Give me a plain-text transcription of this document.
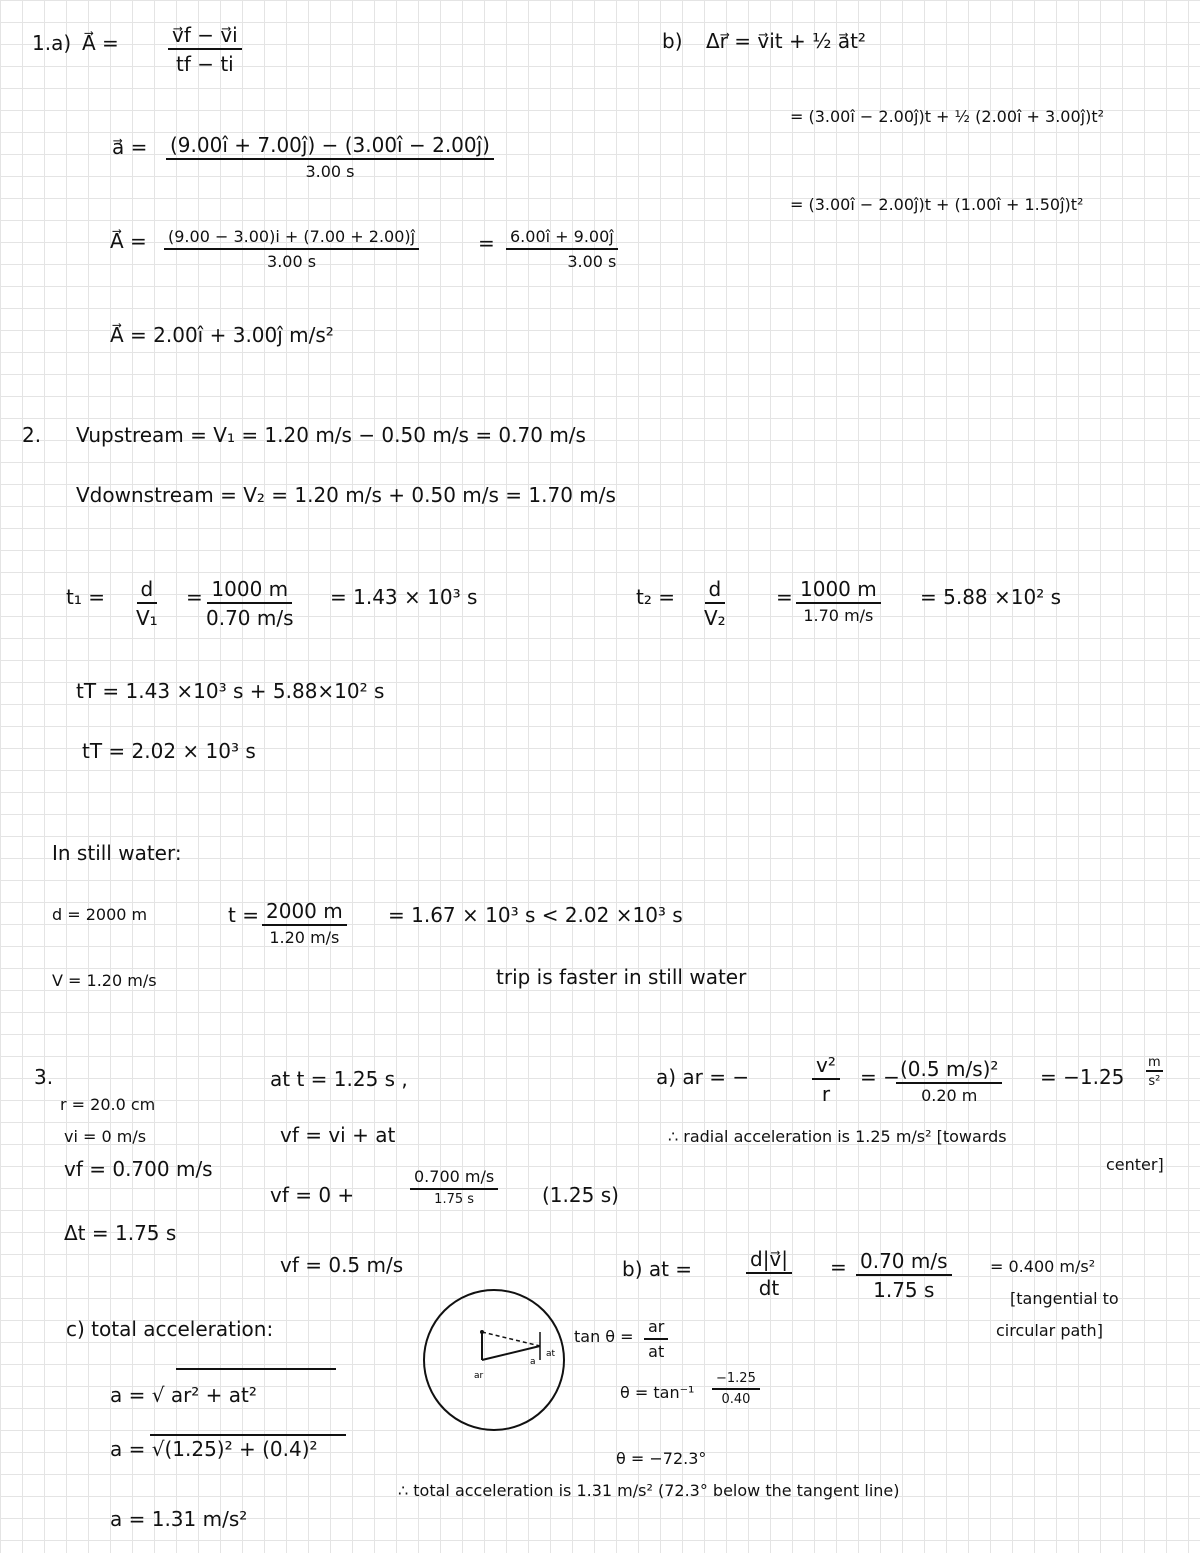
1.a) A⃗ = $\frac{v⃗f - v⃗i}{tf - ti}$
a⃗ = (9.00î + 7.00ĵ) − (3.00î − 2.00ĵ)
3.00 s
A⃗ = $\frac{(9.00 - 3.00)i + (7.00 + 2.00)ĵ}{3.00 s}$	= $\frac{6.00î + 9.00ĵ}{3.00 s}$
A⃗ = 2.00î + 3.00ĵ m/s²
b) Δr⃗ = v⃗it + ½ a⃗t²
= (3.00î − 2.00ĵ)t + ½ (2.00î + 3.00ĵ)t²
= (3.00î − 2.00ĵ)t + (1.00î + 1.50ĵ)t²
2. Vupstream = V₁ = 1.20 m/s − 0.50 m/s = 0.70 m/s
Vdownstream = V₂ = 1.20 m/s + 0.50 m/s = 1.70 m/s
$t_1 = \frac{d}{\text{V₁}} = \frac{1000 m}{0.70 m/s} = 1.43 \times 10^3$ s	$t_2 = \frac{d}{\text{V₂}}$	= 1000 m
1.70 m/s
= 5.88 ×10² s
tT = 1.43 ×10³ s + 5.88×10² s
tT = 2.02 × 10³ s
In still water:
d = 2000 m
V = 1.20 m/s
t = 2000 m
1.20 m/s
= 1.67 × 10³ s < 2.02 ×10³ s
trip is faster in still water
3.
r = 20.0 cm
vi = 0 m/s
vf = 0.700 m/s
Δt = 1.75 s
at t = 1.25 s ,
vf = vi + at
vf = 0 +
0.700 m/s
1.75 s	(1.25 s)
vf = 0.5 m/s
a) ar = −	$\frac{\text{v²}}{r}$ = − (0.5 m/s)²
0.20 m
= $-1.25 \frac{m}{\text{s²}}$
∴ radial acceleration is 1.25 m/s² [towards
center]
b) at =	$\frac{d|v⃗|}{dt} = \frac{0.70 m/s}{1.75 s} = 0.400$ m/s²
[tangential to
circular path]
c) total acceleration:
a = √ ar² + at²
a = √(1.25)² + (0.4)²
a = 1.31 m/s²
ar
at
a
$\tan \theta = \frac{ar}{at}$
$\theta = \tan^{-1} \frac{-1.25}{0.40}$
θ = −72.3°
∴ total acceleration is 1.31 m/s² (72.3° below the tangent line)
